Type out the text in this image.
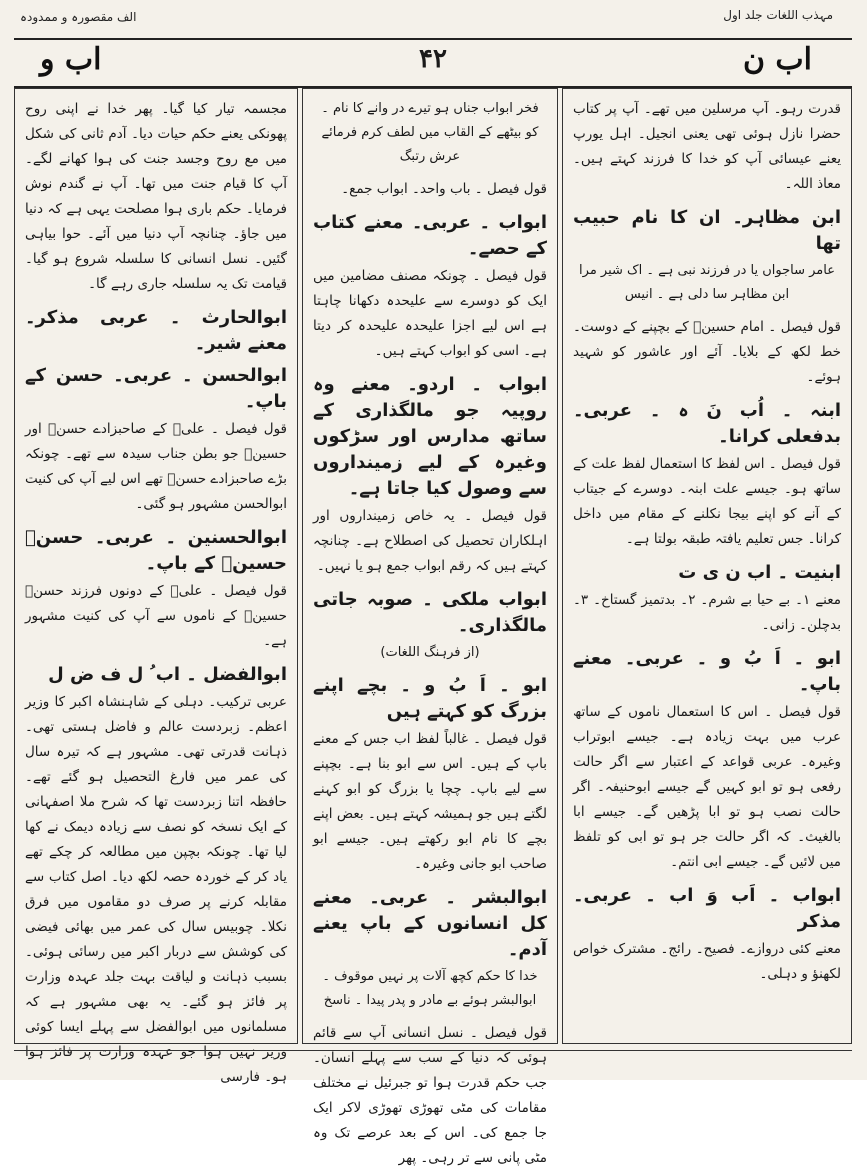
الف مقصورہ و ممدودہ	مہذب اللغات جلد اول
اب و	۴۲	اب ن

قدرت رہو۔ آپ مرسلین میں تھے۔ آپ پر کتاب حضرا نازل ہوئی تھی یعنی انجیل۔ اہل یورپ یعنے عیسائی آپ کو خدا کا فرزند کہتے ہیں۔ معاذ اللہ۔

ابن مظاہر۔ ان کا نام حبیب تھا
عامر ساجواں یا در فرزند نبی ہے ۔ اک شیر مرا ابن مظاہر سا دلی ہے ۔ انیس

قول فیصل ۔ امام حسینؑ کے بچپنے کے دوست۔ خط لکھ کے بلایا۔ آئے اور عاشور کو شہید ہوئے۔

ابنہ ۔ اُب نَ ہ ۔ عربی۔ بدفعلی کرانا۔

قول فیصل ۔ اس لفظ کا استعمال لفظ علت کے ساتھ ہو۔ جیسے علت ابنہ۔ دوسرے کے جیتاب کے آنے کو اپنے بیجا نکلنے کے مقام میں داخل کرانا۔ جس تعلیم یافتہ طبقہ بولتا ہے۔

ابنیت ۔ اب ن ی ت

معنے ۱۔ بے حیا بے شرم۔ ۲۔ بدتمیز گستاخ۔ ۳۔ بدچلن۔ زانی۔

ابو ۔ اَ بُ و ۔ عربی۔ معنے باپ۔

قول فیصل ۔ اس کا استعمال ناموں کے ساتھ عرب میں بہت زیادہ ہے۔ جیسے ابوتراب وغیرہ۔ عربی قواعد کے اعتبار سے اگر حالت رفعی ہو تو ابو کہیں گے جیسے ابوحنیفہ۔ اگر حالت نصب ہو تو ابا پڑھیں گے۔ جیسے ابا بالغیث۔ کہ اگر حالت جر ہو تو ابی کو تلفظ میں لائیں گے۔ جیسے ابی انتم۔

ابواب ۔ اَب وَ اب ۔ عربی۔ مذکر

معنے کئی دروازے۔ فصیح۔ رائج۔ مشترک خواص لکھنؤ و دہلی۔

فخر ابواب جناں ہو تیرے در وانے کا نام ۔ کو بیٹھے کے القاب میں لطف کرم فرمائے عرش رتبگ

قول فیصل ۔ باب واحد۔ ابواب جمع۔

ابواب ۔ عربی۔ معنے کتاب کے حصے۔

قول فیصل ۔ چونکہ مصنف مضامین میں ایک کو دوسرے سے علیحدہ دکھانا چاہتا ہے اس لیے اجزا علیحدہ علیحدہ کر دیتا ہے۔ اسی کو ابواب کہتے ہیں۔

ابواب ۔ اردو۔ معنے وہ روپیہ جو مالگذاری کے ساتھ مدارس اور سڑکوں وغیرہ کے لیے زمینداروں سے وصول کیا جاتا ہے۔

قول فیصل ۔ یہ خاص زمینداروں اور اہلکاران تحصیل کی اصطلاح ہے۔ چنانچہ کہتے ہیں کہ رقم ابواب جمع ہو یا نہیں۔

ابواب ملکی ۔ صوبہ جاتی مالگذاری۔
(از فرہنگ اللغات)
ابو ۔ اَ بُ و ۔ بچے اپنے بزرگ کو کہتے ہیں

قول فیصل ۔ غالباً لفظ اب جس کے معنے باپ کے ہیں۔ اس سے ابو بنا ہے۔ بچپنے سے لیے باپ۔ چچا یا بزرگ کو ابو کہنے لگتے ہیں جو ہمیشہ کہتے ہیں۔ بعض اپنے بچے کا نام ابو رکھتے ہیں۔ جیسے ابو صاحب ابو جانی وغیرہ۔

ابوالبشر ۔ عربی۔ معنے کل انسانوں کے باپ یعنے آدم۔
خدا کا حکم کچھ آلات پر نہیں موقوف ۔ ابوالبشر ہوئے بے مادر و پدر پیدا ۔ ناسخ

قول فیصل ۔ نسل انسانی آپ سے قائم ہوئی کہ دنیا کے سب سے پہلے انسان۔ جب حکم قدرت ہوا تو جبرئیل نے مختلف مقامات کی مٹی تھوڑی تھوڑی لاکر ایک جا جمع کی۔ اس کے بعد عرصے تک وہ مٹی پانی سے تر رہی۔ پھر

مجسمہ تیار کیا گیا۔ پھر خدا نے اپنی روح پھونکی یعنے حکم حیات دیا۔ آدم ثانی کی شکل میں مع روح وجسد جنت کی ہوا کھانے لگے۔ آپ کا قیام جنت میں تھا۔ آپ نے گندم نوش فرمایا۔ حکم باری ہوا مصلحت یہی ہے کہ دنیا میں جاؤ۔ چنانچہ آپ دنیا میں آئے۔ حوا بیاہی گئیں۔ نسل انسانی کا سلسلہ شروع ہو گیا۔ قیامت تک یہ سلسلہ جاری رہے گا۔

ابوالحارث ۔ عربی مذکر۔ معنے شیر۔
ابوالحسن ۔ عربی۔ حسن کے باپ۔

قول فیصل ۔ علیؑ کے صاحبزادے حسنؑ اور حسینؑ جو بطن جناب سیدہ سے تھے۔ چونکہ بڑے صاحبزادے حسنؑ تھے اس لیے آپ کی کنیت ابوالحسن مشہور ہو گئی۔

ابوالحسنین ۔ عربی۔ حسنؑ حسینؑ کے باپ۔

قول فیصل ۔ علیؑ کے دونوں فرزند حسنؑ حسینؑ کے ناموں سے آپ کی کنیت مشہور ہے۔

ابوالفضل ۔ اب ُ ل ف ض ل

عربی ترکیب۔ دہلی کے شاہنشاہ اکبر کا وزیر اعظم۔ زبردست عالم و فاضل ہستی تھی۔ ذہانت قدرتی تھی۔ مشہور ہے کہ تیرہ سال کی عمر میں فارغ التحصیل ہو گئے تھے۔ حافظہ اتنا زبردست تھا کہ شرح ملا اصفہانی کے ایک نسخہ کو نصف سے زیادہ دیمک نے کھا لیا تھا۔ چونکہ بچپن میں مطالعہ کر چکے تھے یاد کر کے خوردہ حصہ لکھ دیا۔ اصل کتاب سے مقابلہ کرنے پر صرف دو مقاموں میں فرق نکلا۔ چوبیس سال کی عمر میں بھائی فیضی کی کوشش سے دربار اکبر میں رسائی ہوئی۔ بسبب ذہانت و لیاقت بہت جلد عہدہ وزارت پر فائز ہو گئے۔ یہ بھی مشہور ہے کہ مسلمانوں میں ابوالفضل سے پہلے ایسا کوئی وزیر نہیں ہوا جو عہدہ وزارت پر فائز ہوا ہو۔ فارسی
